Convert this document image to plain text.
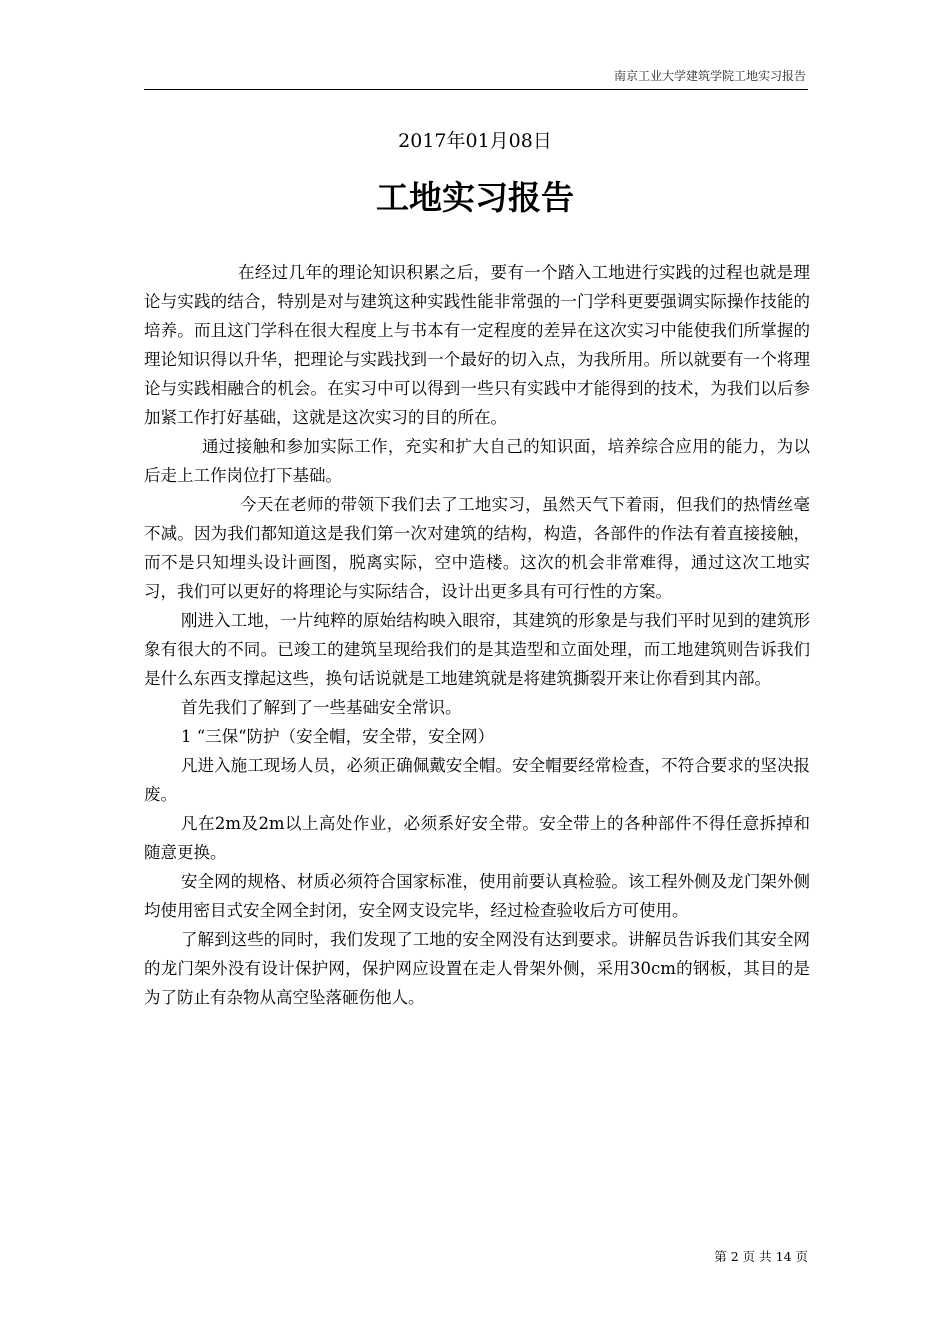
南京工业大学建筑学院工地实习报告
2017年01月08日
工地实习报告

在经过几年的理论知识积累之后，要有一个踏入工地进行实践的过程也就是理论与实践的结合，特别是对与建筑这种实践性能非常强的一门学科更要强调实际操作技能的培养。而且这门学科在很大程度上与书本有一定程度的差异在这次实习中能使我们所掌握的理论知识得以升华，把理论与实践找到一个最好的切入点，为我所用。所以就要有一个将理论与实践相融合的机会。在实习中可以得到一些只有实践中才能得到的技术，为我们以后参加紧工作打好基础，这就是这次实习的目的所在。

通过接触和参加实际工作，充实和扩大自己的知识面，培养综合应用的能力，为以后走上工作岗位打下基础。

今天在老师的带领下我们去了工地实习，虽然天气下着雨，但我们的热情丝毫不减。因为我们都知道这是我们第一次对建筑的结构，构造，各部件的作法有着直接接触，而不是只知埋头设计画图，脱离实际，空中造楼。这次的机会非常难得，通过这次工地实习，我们可以更好的将理论与实际结合，设计出更多具有可行性的方案。

刚进入工地，一片纯粹的原始结构映入眼帘，其建筑的形象是与我们平时见到的建筑形象有很大的不同。已竣工的建筑呈现给我们的是其造型和立面处理，而工地建筑则告诉我们是什么东西支撑起这些，换句话说就是工地建筑就是将建筑撕裂开来让你看到其内部。

首先我们了解到了一些基础安全常识。

1 “三保“防护（安全帽，安全带，安全网）

凡进入施工现场人员，必须正确佩戴安全帽。安全帽要经常检查，不符合要求的坚决报废。

凡在2m及2m以上高处作业，必须系好安全带。安全带上的各种部件不得任意拆掉和随意更换。

安全网的规格、材质必须符合国家标准，使用前要认真检验。该工程外侧及龙门架外侧均使用密目式安全网全封闭，安全网支设完毕，经过检查验收后方可使用。

了解到这些的同时，我们发现了工地的安全网没有达到要求。讲解员告诉我们其安全网的龙门架外没有设计保护网，保护网应设置在走人骨架外侧，采用30cm的钢板，其目的是为了防止有杂物从高空坠落砸伤他人。

第 2 页 共 14 页
